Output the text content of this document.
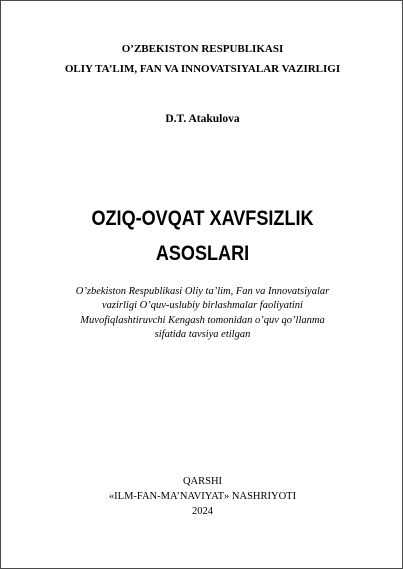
O’ZBEKISTON RESPUBLIKASI
OLIY TA’LIM, FAN VA INNOVATSIYALAR VAZIRLIGI
D.T. Atakulova
OZIQ-OVQAT XAVFSIZLIK
ASOSLARI
O’zbekiston Respublikasi Oliy ta’lim, Fan va Innovatsiyalar
vazirligi O’quv-uslubiy birlashmalar faoliyatini
Muvofiqlashtiruvchi Kengash tomonidan o’quv qo’llanma
sifatida tavsiya etilgan
QARSHI
«ILM-FAN-MA’NAVIYAT» NASHRIYOTI
2024
